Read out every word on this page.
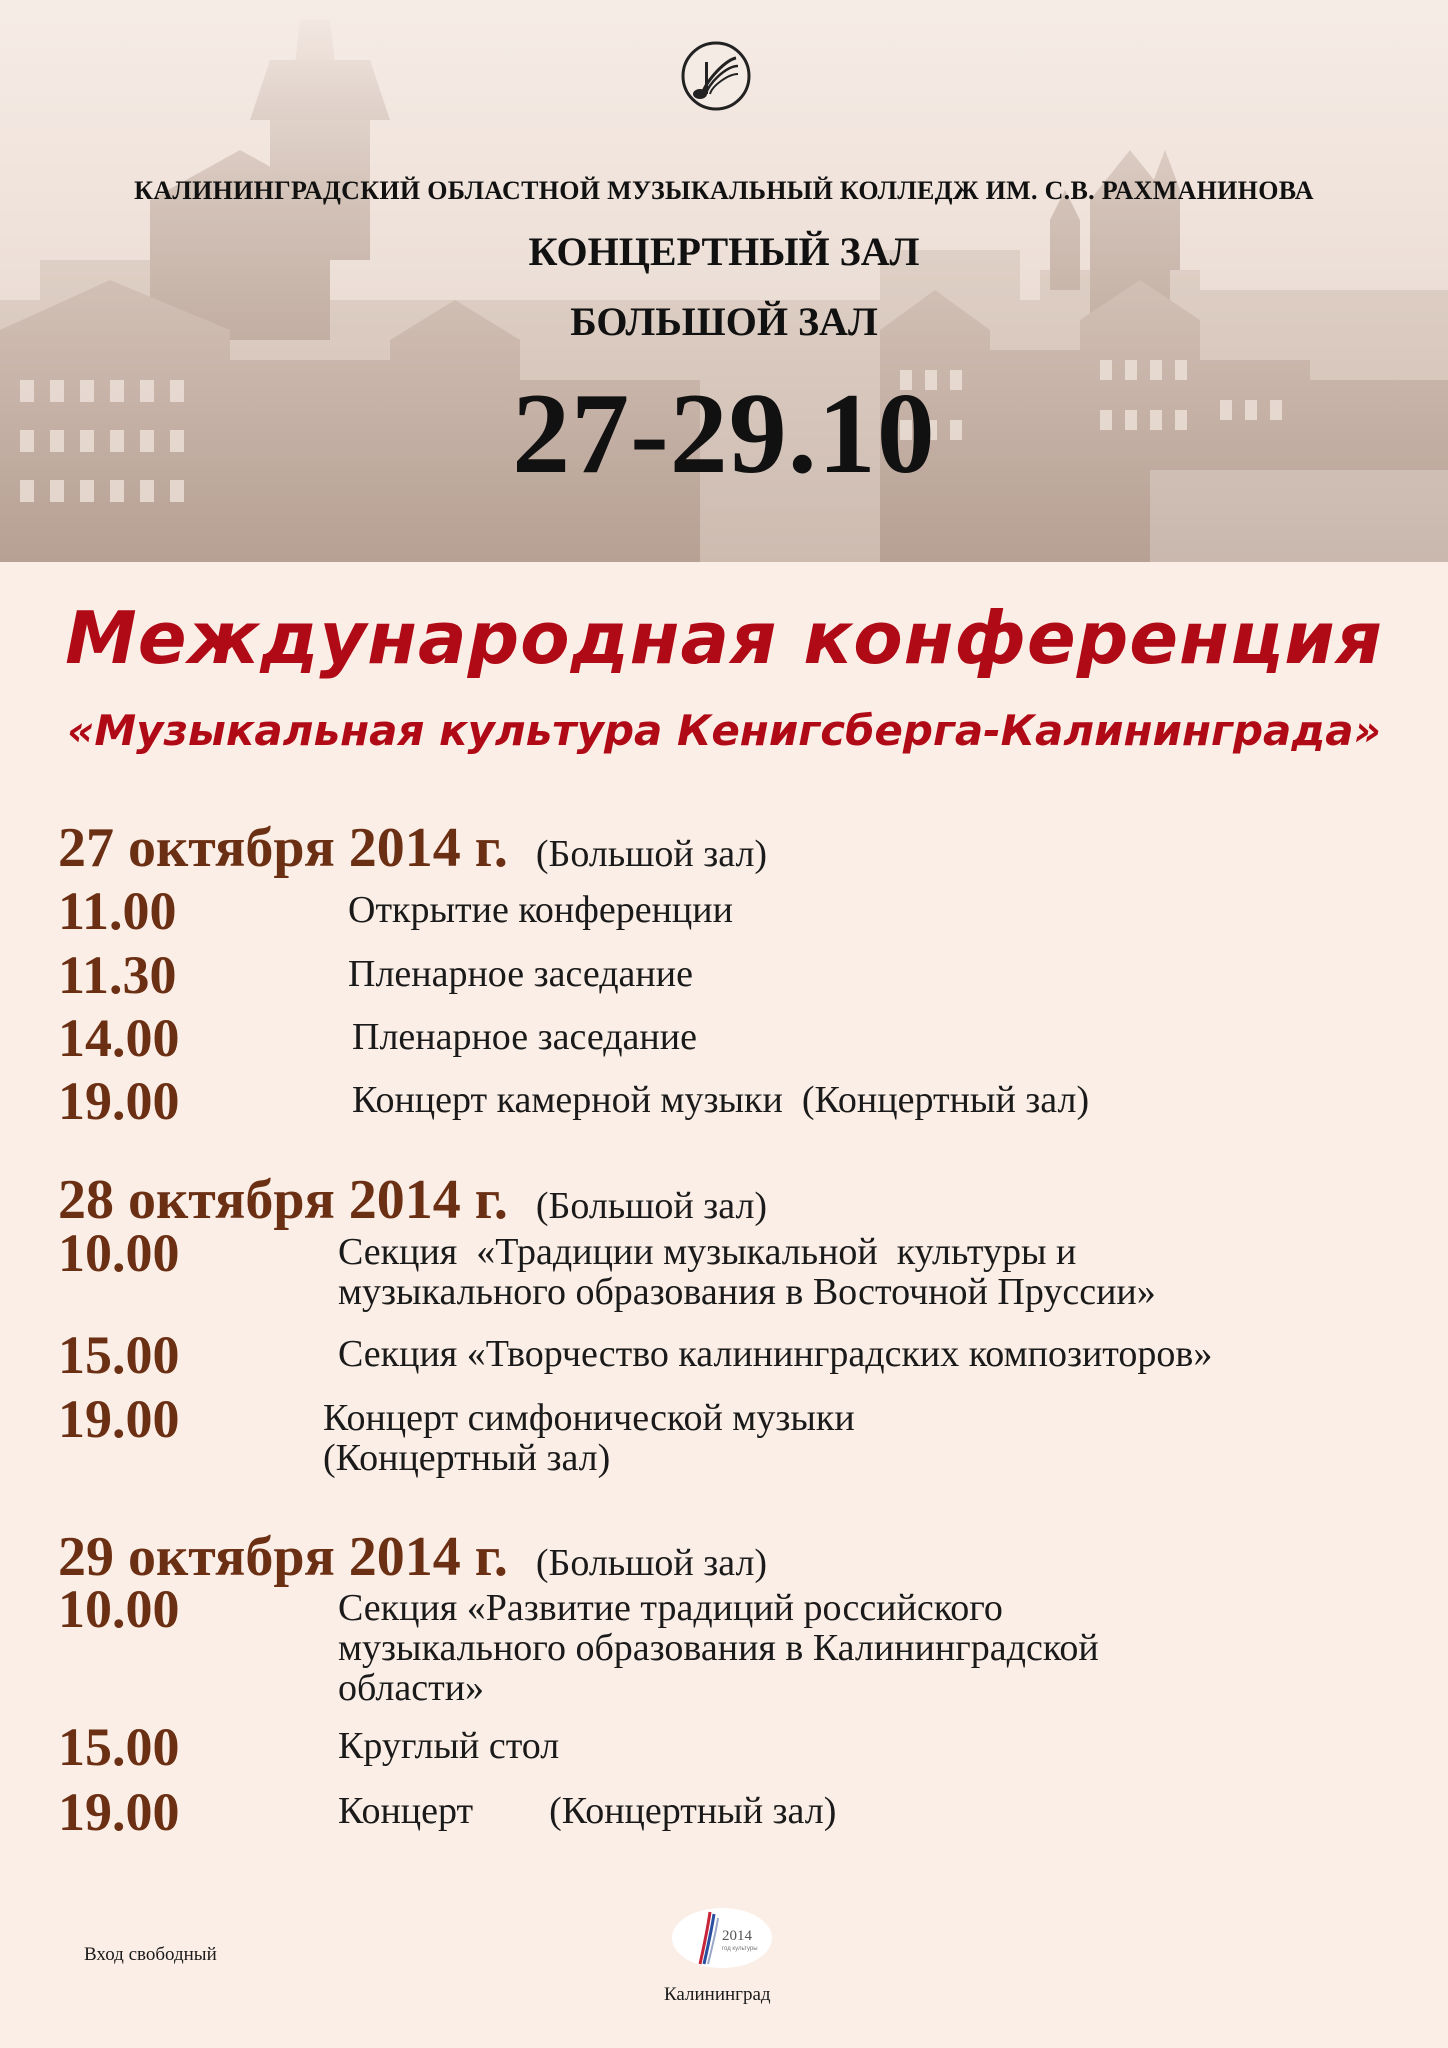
КАЛИНИНГРАДСКИЙ ОБЛАСТНОЙ МУЗЫКАЛЬНЫЙ КОЛЛЕДЖ ИМ. С.В. РАХМАНИНОВА
КОНЦЕРТНЫЙ ЗАЛ
БОЛЬШОЙ ЗАЛ
27-29.10
Международная конференция
«Музыкальная культура Кенигсберга-Калининграда»
27 октября 2014 г. (Большой зал)
11.00	Открытие конференции
11.30	Пленарное заседание
14.00	Пленарное заседание
19.00	Концерт камерной музыки  (Концертный зал)
28 октября 2014 г. (Большой зал)
10.00	Секция  «Традиции музыкальной  культуры и
музыкального образования в Восточной Пруссии»
15.00	Секция «Творчество калининградских композиторов»
19.00	Концерт симфонической музыки
(Концертный зал)
29 октября 2014 г. (Большой зал)
10.00	Секция «Развитие традиций российского
музыкального образования в Калининградской
области»
15.00	Круглый стол
19.00	Концерт        (Концертный зал)
Вход свободный
2014
год культуры
Калининград
